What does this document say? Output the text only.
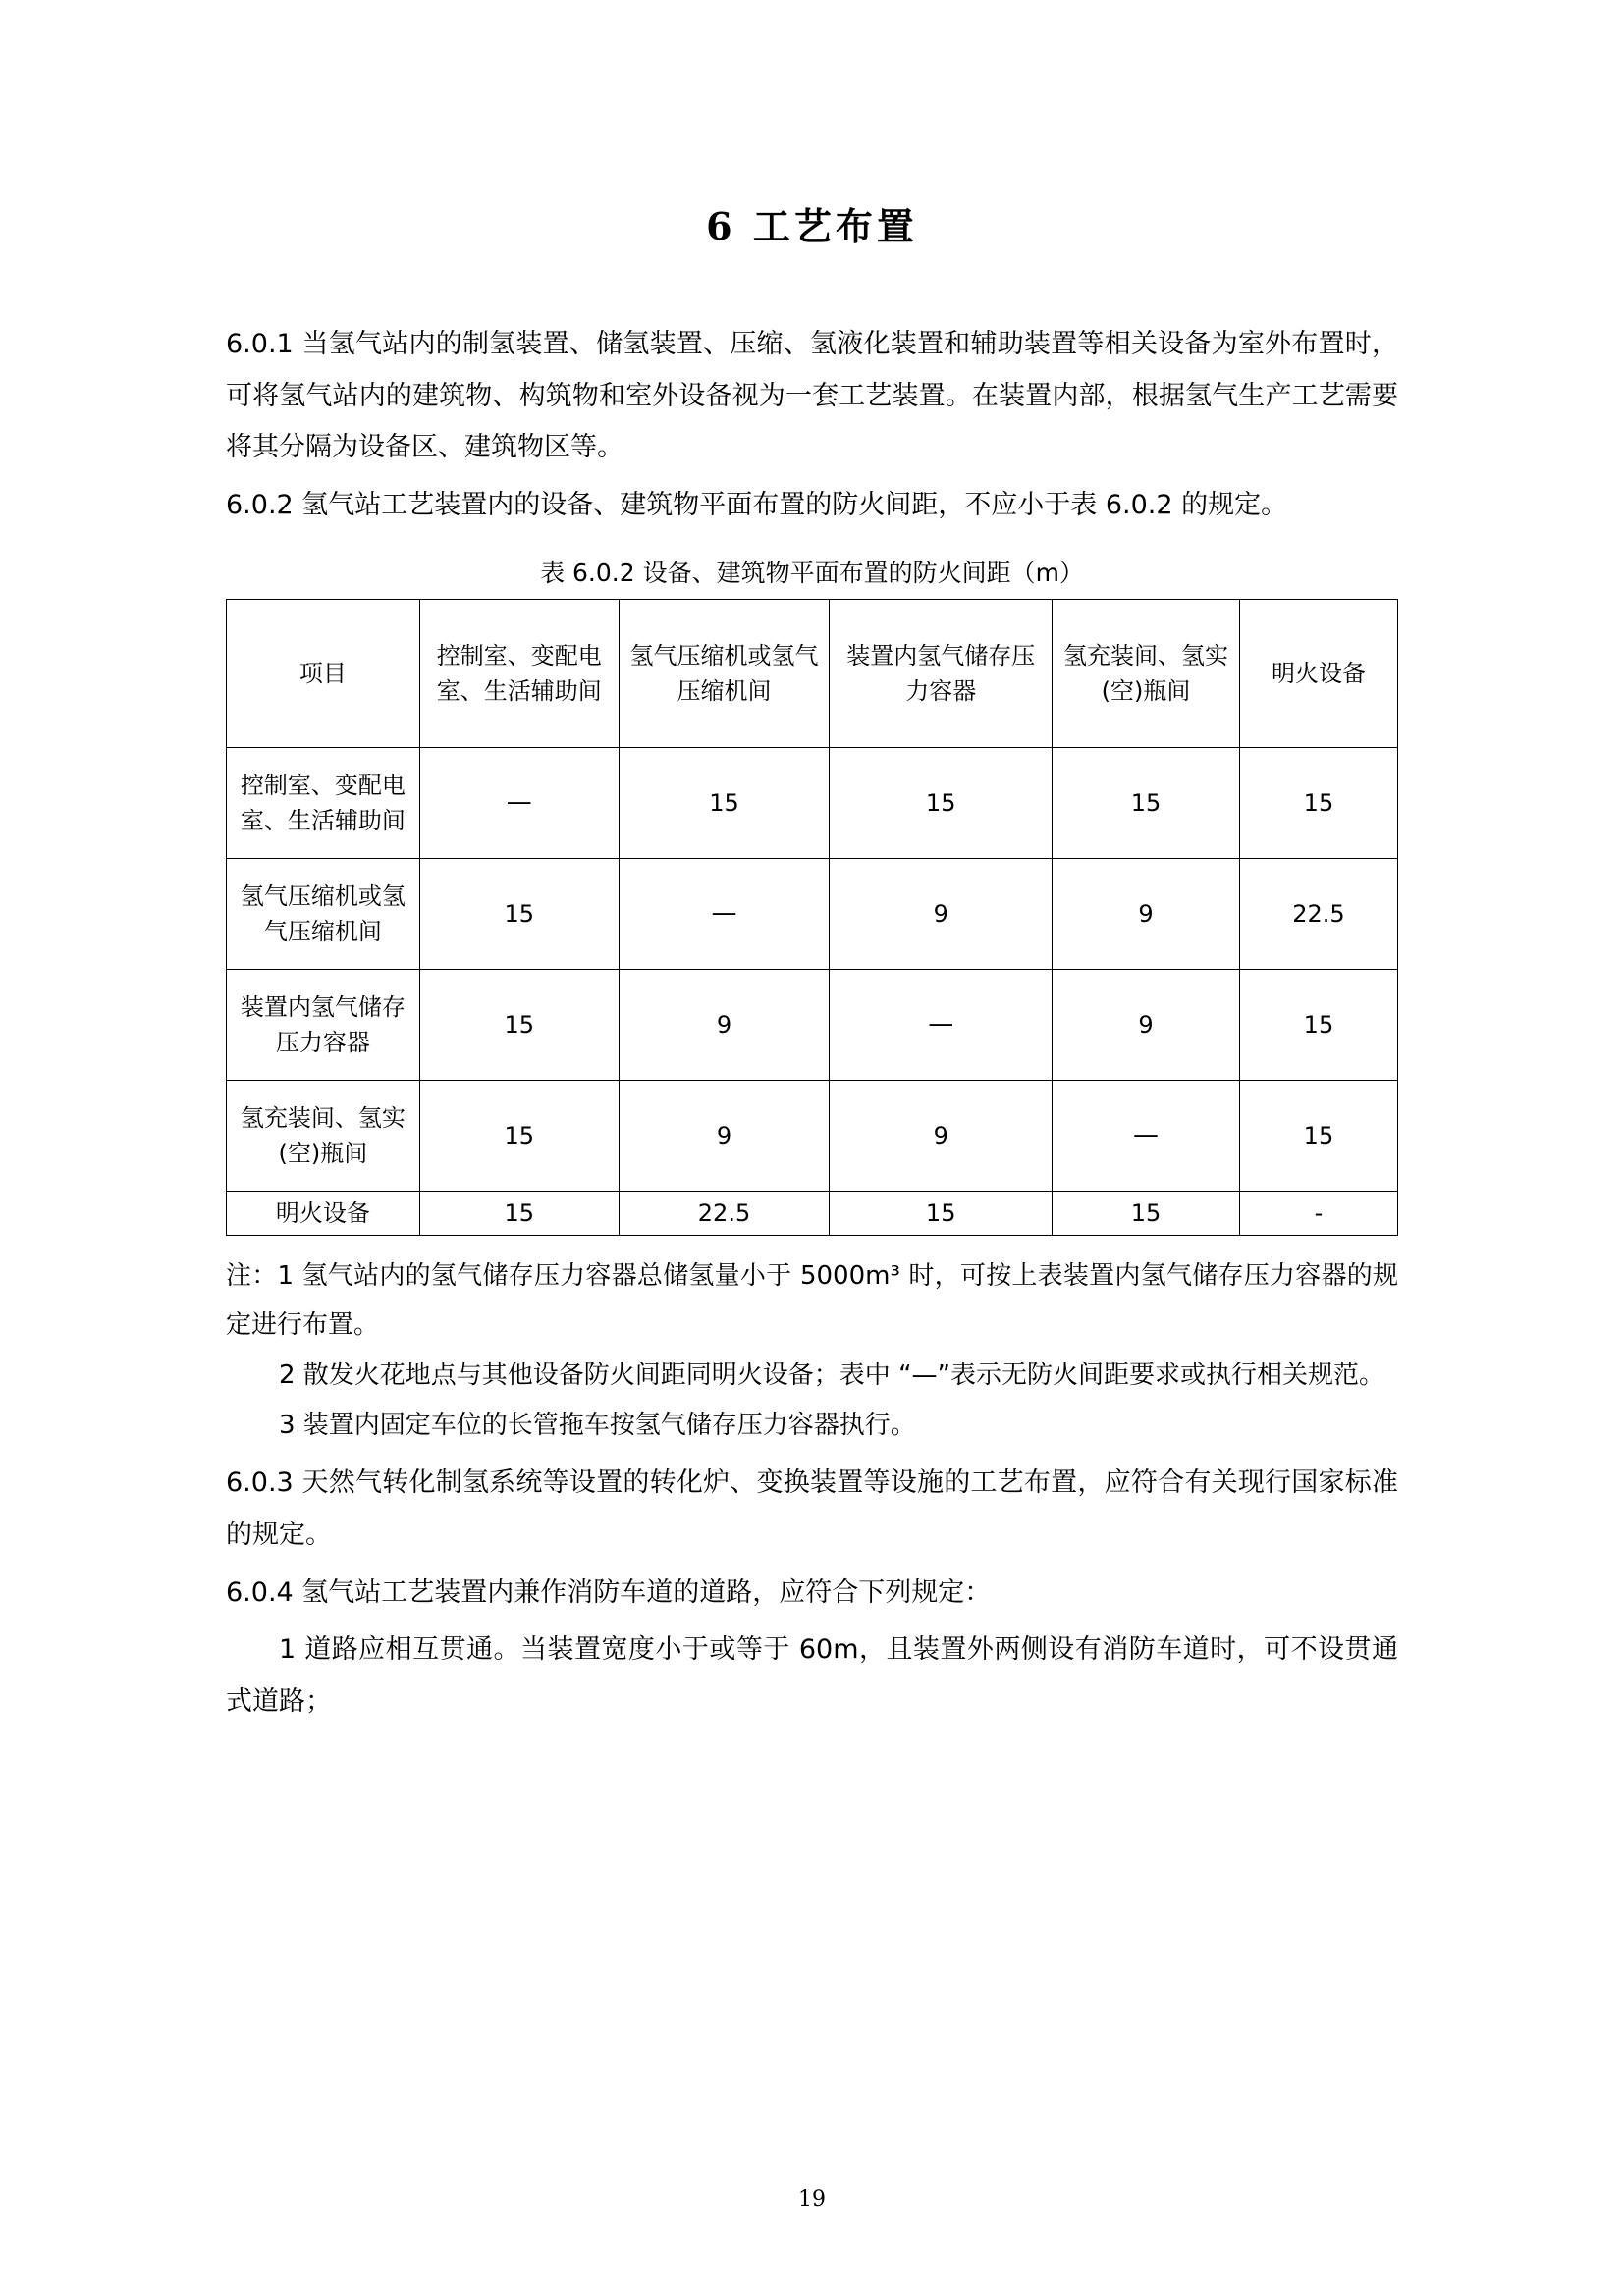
6 工艺布置

6.0.1 当氢气站内的制氢装置、储氢装置、压缩、氢液化装置和辅助装置等相关设备为室外布置时，可将氢气站内的建筑物、构筑物和室外设备视为一套工艺装置。在装置内部，根据氢气生产工艺需要将其分隔为设备区、建筑物区等。

6.0.2 氢气站工艺装置内的设备、建筑物平面布置的防火间距，不应小于表 6.0.2 的规定。

表 6.0.2 设备、建筑物平面布置的防火间距（m）
项目	控制室、变配电室、生活辅助间	氢气压缩机或氢气压缩机间	装置内氢气储存压力容器	氢充装间、氢实(空)瓶间	明火设备
控制室、变配电室、生活辅助间	—	15	15	15	15
氢气压缩机或氢气压缩机间	15	—	9	9	22.5
装置内氢气储存压力容器	15	9	—	9	15
氢充装间、氢实(空)瓶间	15	9	9	—	15
明火设备	15	22.5	15	15	-

注：1 氢气站内的氢气储存压力容器总储氢量小于 5000m³ 时，可按上表装置内氢气储存压力容器的规定进行布置。

2 散发火花地点与其他设备防火间距同明火设备；表中 “—”表示无防火间距要求或执行相关规范。

3 装置内固定车位的长管拖车按氢气储存压力容器执行。

6.0.3 天然气转化制氢系统等设置的转化炉、变换装置等设施的工艺布置，应符合有关现行国家标准的规定。

6.0.4 氢气站工艺装置内兼作消防车道的道路，应符合下列规定：

1 道路应相互贯通。当装置宽度小于或等于 60m，且装置外两侧设有消防车道时，可不设贯通式道路；

19
